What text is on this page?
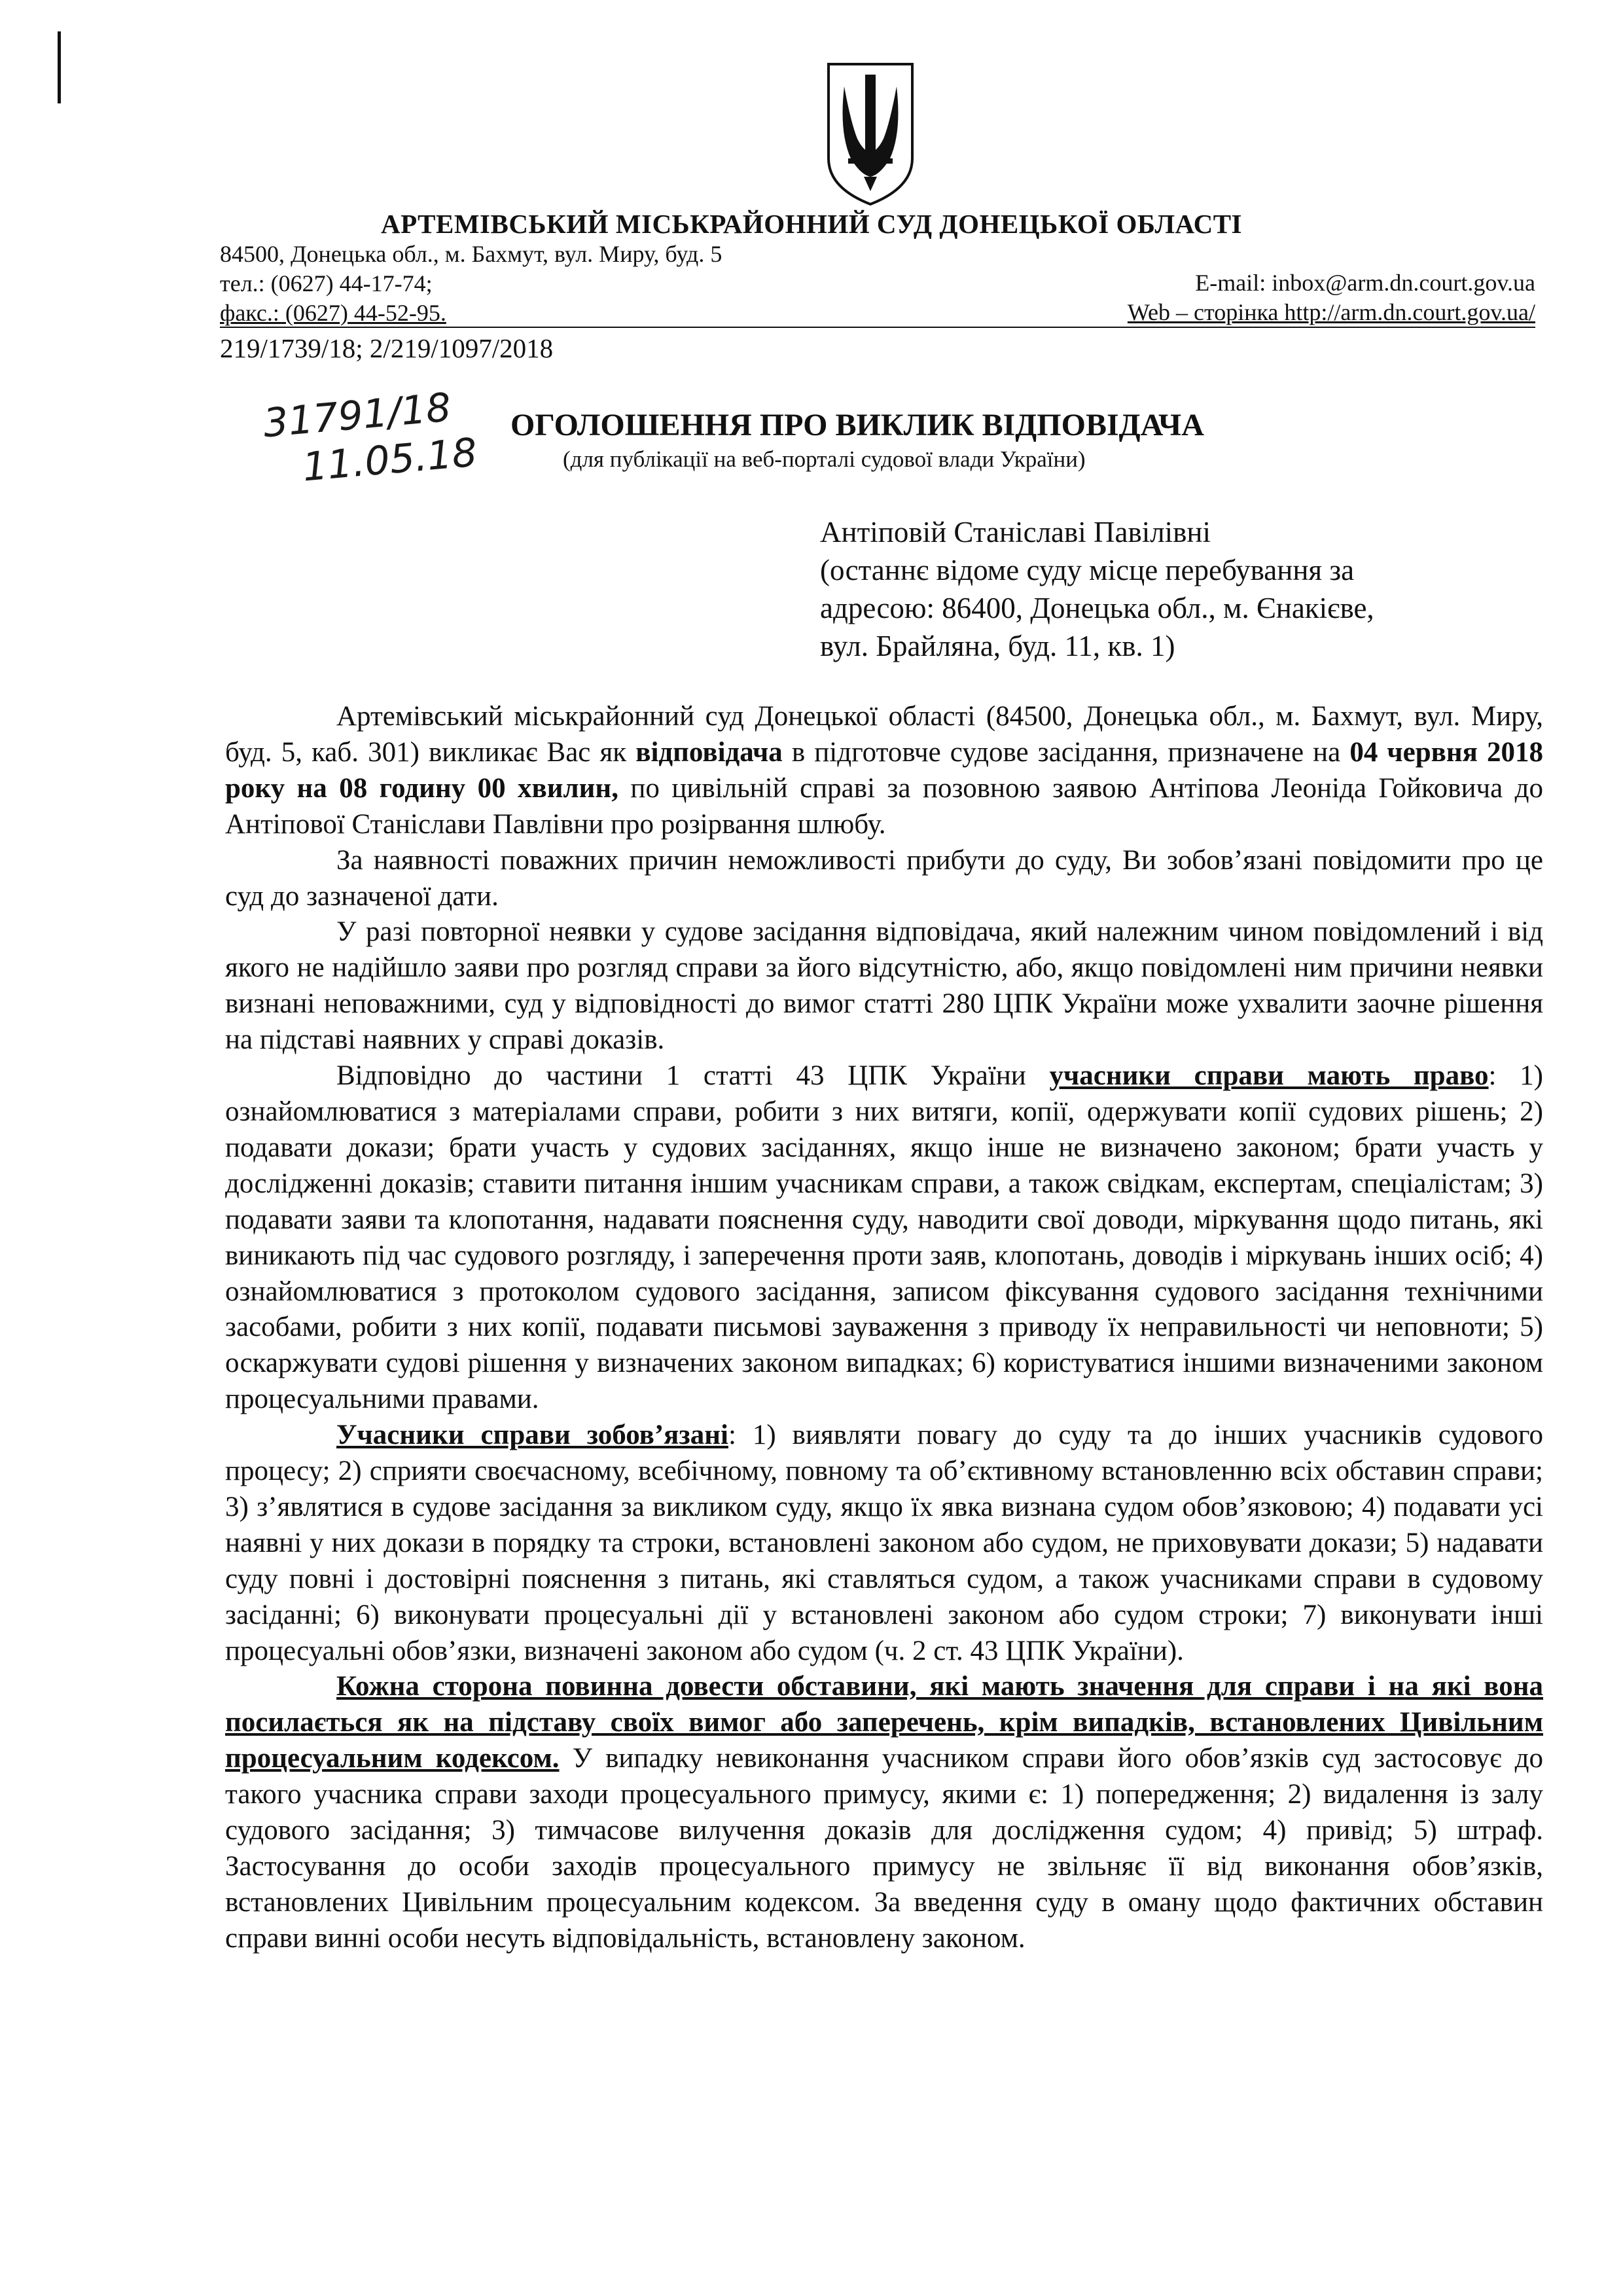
АРТЕМІВСЬКИЙ МІСЬКРАЙОННИЙ СУД ДОНЕЦЬКОЇ ОБЛАСТІ
84500, Донецька обл., м. Бахмут, вул. Миру, буд. 5
тел.: (0627) 44-17-74;
факс.: (0627) 44-52-95.
E-mail: inbox@arm.dn.court.gov.ua
Web – сторінка http://arm.dn.court.gov.ua/
219/1739/18; 2/219/1097/2018
31791/18
11.05.18
ОГОЛОШЕННЯ ПРО ВИКЛИК ВІДПОВІДАЧА
(для публікації на веб-порталі судової влади України)
Антіповій Станіславі Павілівні
(останнє відоме суду місце перебування за
адресою: 86400, Донецька обл., м. Єнакієве,
вул. Брайляна, буд. 11, кв. 1)

Артемівський міськрайонний суд Донецької області (84500, Донецька обл., м. Бахмут, вул. Миру, буд. 5, каб. 301) викликає Вас як відповідача в підготовче судове засідання, призначене на 04 червня 2018 року на 08 годину 00 хвилин, по цивільній справі за позовною заявою Антіпова Леоніда Гойковича до Антіпової Станіслави Павлівни про розірвання шлюбу.

За наявності поважних причин неможливості прибути до суду, Ви зобов’язані повідомити про це суд до зазначеної дати.

У разі повторної неявки у судове засідання відповідача, який належним чином повідомлений і від якого не надійшло заяви про розгляд справи за його відсутністю, або, якщо повідомлені ним причини неявки визнані неповажними, суд у відповідності до вимог статті 280 ЦПК України може ухвалити заочне рішення на підставі наявних у справі доказів.

Відповідно до частини 1 статті 43 ЦПК України учасники справи мають право: 1) ознайомлюватися з матеріалами справи, робити з них витяги, копії, одержувати копії судових рішень; 2) подавати докази; брати участь у судових засіданнях, якщо інше не визначено законом; брати участь у дослідженні доказів; ставити питання іншим учасникам справи, а також свідкам, експертам, спеціалістам; 3) подавати заяви та клопотання, надавати пояснення суду, наводити свої доводи, міркування щодо питань, які виникають під час судового розгляду, і заперечення проти заяв, клопотань, доводів і міркувань інших осіб; 4) ознайомлюватися з протоколом судового засідання, записом фіксування судового засідання технічними засобами, робити з них копії, подавати письмові зауваження з приводу їх неправильності чи неповноти; 5) оскаржувати судові рішення у визначених законом випадках; 6) користуватися іншими визначеними законом процесуальними правами.

Учасники справи зобов’язані: 1) виявляти повагу до суду та до інших учасників судового процесу; 2) сприяти своєчасному, всебічному, повному та об’єктивному встановленню всіх обставин справи; 3) з’являтися в судове засідання за викликом суду, якщо їх явка визнана судом обов’язковою; 4) подавати усі наявні у них докази в порядку та строки, встановлені законом або судом, не приховувати докази; 5) надавати суду повні і достовірні пояснення з питань, які ставляться судом, а також учасниками справи в судовому засіданні; 6) виконувати процесуальні дії у встановлені законом або судом строки; 7) виконувати інші процесуальні обов’язки, визначені законом або судом (ч. 2 ст. 43 ЦПК України).

Кожна сторона повинна довести обставини, які мають значення для справи і на які вона посилається як на підставу своїх вимог або заперечень, крім випадків, встановлених Цивільним процесуальним кодексом. У випадку невиконання учасником справи його обов’язків суд застосовує до такого учасника справи заходи процесуального примусу, якими є: 1) попередження; 2) видалення із залу судового засідання; 3) тимчасове вилучення доказів для дослідження судом; 4) привід; 5) штраф. Застосування до особи заходів процесуального примусу не звільняє її від виконання обов’язків, встановлених Цивільним процесуальним кодексом. За введення суду в оману щодо фактичних обставин справи винні особи несуть відповідальність, встановлену законом.
